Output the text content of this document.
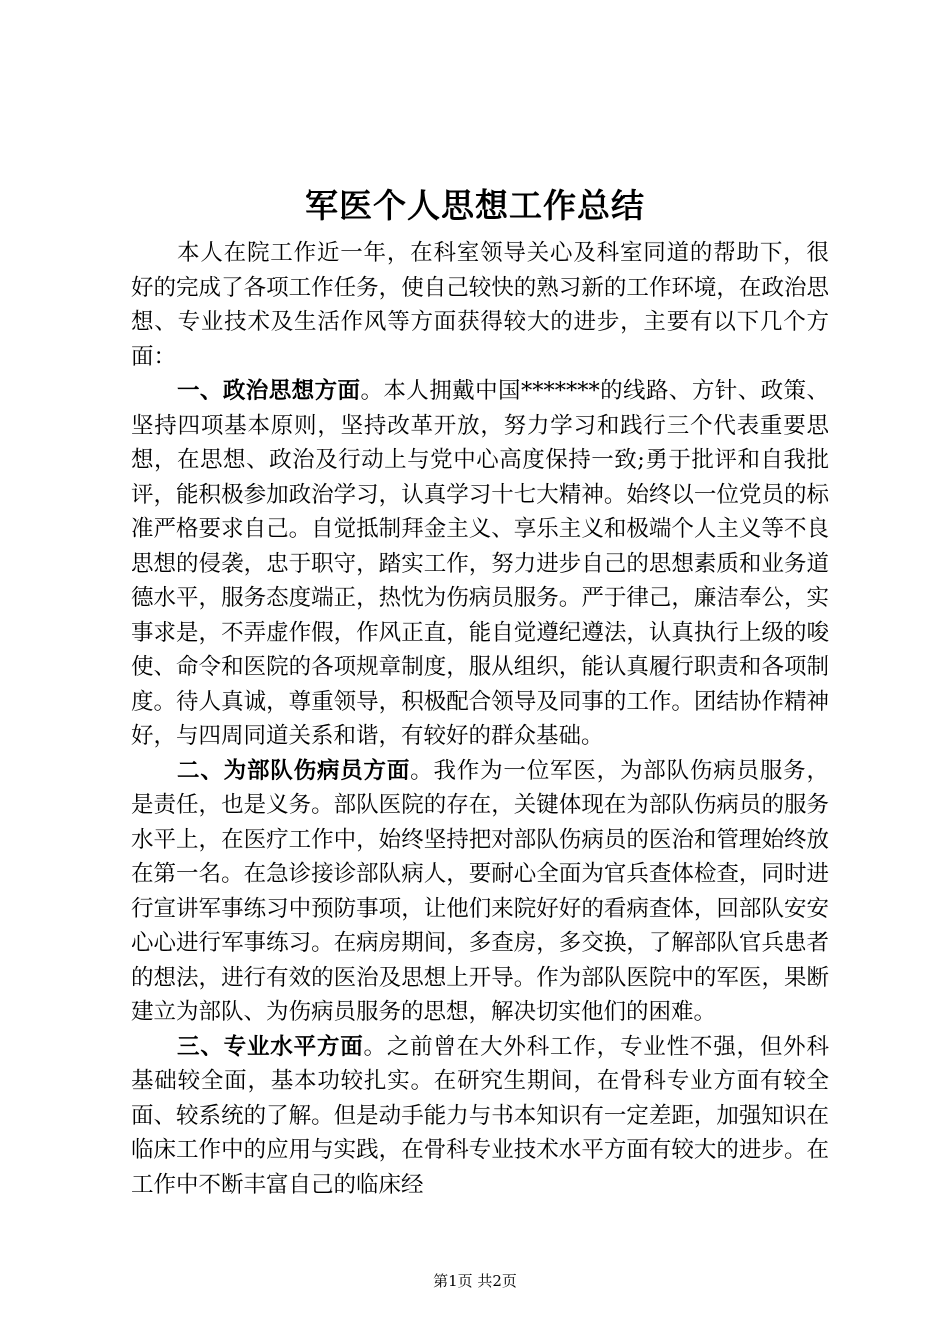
军医个人思想工作总结

本人在院工作近一年，在科室领导关心及科室同道的帮助下，很好的完成了各项工作任务，使自己较快的熟习新的工作环境，在政治思想、专业技术及生活作风等方面获得较大的进步，主要有以下几个方面：

一、政治思想方面。本人拥戴中国*******的线路、方针、政策、坚持四项基本原则，坚持改革开放，努力学习和践行三个代表重要思想，在思想、政治及行动上与党中心高度保持一致;勇于批评和自我批评，能积极参加政治学习，认真学习十七大精神。始终以一位党员的标准严格要求自己。自觉抵制拜金主义、享乐主义和极端个人主义等不良思想的侵袭，忠于职守，踏实工作，努力进步自己的思想素质和业务道德水平，服务态度端正，热忱为伤病员服务。严于律己，廉洁奉公，实事求是，不弄虚作假，作风正直，能自觉遵纪遵法，认真执行上级的唆使、命令和医院的各项规章制度，服从组织，能认真履行职责和各项制度。待人真诚，尊重领导，积极配合领导及同事的工作。团结协作精神好，与四周同道关系和谐，有较好的群众基础。

二、为部队伤病员方面。我作为一位军医，为部队伤病员服务，是责任，也是义务。部队医院的存在，关键体现在为部队伤病员的服务水平上，在医疗工作中，始终坚持把对部队伤病员的医治和管理始终放在第一名。在急诊接诊部队病人，要耐心全面为官兵查体检查，同时进行宣讲军事练习中预防事项，让他们来院好好的看病查体，回部队安安心心进行军事练习。在病房期间，多查房，多交换，了解部队官兵患者的想法，进行有效的医治及思想上开导。作为部队医院中的军医，果断建立为部队、为伤病员服务的思想，解决切实他们的困难。

三、专业水平方面。之前曾在大外科工作，专业性不强，但外科基础较全面，基本功较扎实。在研究生期间，在骨科专业方面有较全面、较系统的了解。但是动手能力与书本知识有一定差距，加强知识在临床工作中的应用与实践，在骨科专业技术水平方面有较大的进步。在工作中不断丰富自己的临床经

第1页 共2页
